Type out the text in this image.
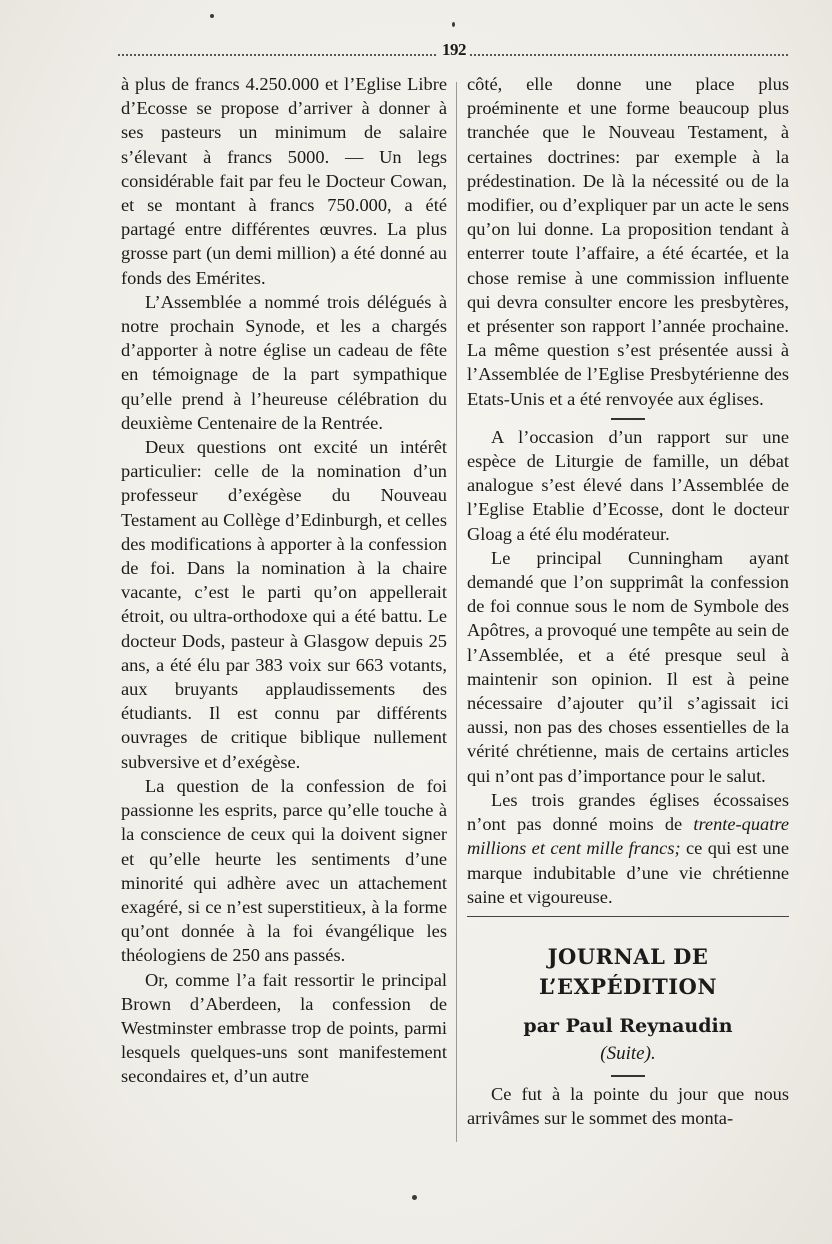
192

à plus de francs 4.250.000 et l’Eglise Libre d’Ecosse se propose d’arriver à donner à ses pasteurs un minimum de salaire s’élevant à francs 5000. — Un legs considérable fait par feu le Docteur Cowan, et se montant à francs 750.000, a été partagé entre différentes œuvres. La plus grosse part (un demi million) a été donné au fonds des Emérites.

L’Assemblée a nommé trois délégués à notre prochain Synode, et les a chargés d’apporter à notre église un cadeau de fête en témoignage de la part sympathique qu’elle prend à l’heureuse célébration du deuxième Centenaire de la Rentrée.

Deux questions ont excité un intérêt particulier: celle de la nomination d’un professeur d’exégèse du Nouveau Testament au Collège d’Edinburgh, et celles des modifications à apporter à la confession de foi. Dans la nomination à la chaire vacante, c’est le parti qu’on appellerait étroit, ou ultra-orthodoxe qui a été battu. Le docteur Dods, pasteur à Glasgow depuis 25 ans, a été élu par 383 voix sur 663 votants, aux bruyants applaudissements des étudiants. Il est connu par différents ouvrages de critique biblique nullement subversive et d’exégèse.

La question de la confession de foi passionne les esprits, parce qu’elle touche à la conscience de ceux qui la doivent signer et qu’elle heurte les sentiments d’une minorité qui adhère avec un attachement exagéré, si ce n’est superstitieux, à la forme qu’ont donnée à la foi évangélique les théologiens de 250 ans passés.

Or, comme l’a fait ressortir le principal Brown d’Aberdeen, la confession de Westminster embrasse trop de points, parmi lesquels quelques-uns sont manifestement secondaires et, d’un autre

côté, elle donne une place plus proéminente et une forme beaucoup plus tranchée que le Nouveau Testament, à certaines doctrines: par exemple à la prédestination. De là la nécessité ou de la modifier, ou d’expliquer par un acte le sens qu’on lui donne. La proposition tendant à enterrer toute l’affaire, a été écartée, et la chose remise à une commission influente qui devra consulter encore les presbytères, et présenter son rapport l’année prochaine. La même question s’est présentée aussi à l’Assemblée de l’Eglise Presbytérienne des Etats-Unis et a été renvoyée aux églises.

A l’occasion d’un rapport sur une espèce de Liturgie de famille, un débat analogue s’est élevé dans l’Assemblée de l’Eglise Etablie d’Ecosse, dont le docteur Gloag a été élu modérateur.

Le principal Cunningham ayant demandé que l’on supprimât la confession de foi connue sous le nom de Symbole des Apôtres, a provoqué une tempête au sein de l’Assemblée, et a été presque seul à maintenir son opinion. Il est à peine nécessaire d’ajouter qu’il s’agissait ici aussi, non pas des choses essentielles de la vérité chrétienne, mais de certains articles qui n’ont pas d’importance pour le salut.

Les trois grandes églises écossaises n’ont pas donné moins de trente-quatre millions et cent mille francs; ce qui est une marque indubitable d’une vie chrétienne saine et vigoureuse.

JOURNAL DE L’EXPÉDITION
par Paul Reynaudin
(Suite).

Ce fut à la pointe du jour que nous arrivâmes sur le sommet des monta-
